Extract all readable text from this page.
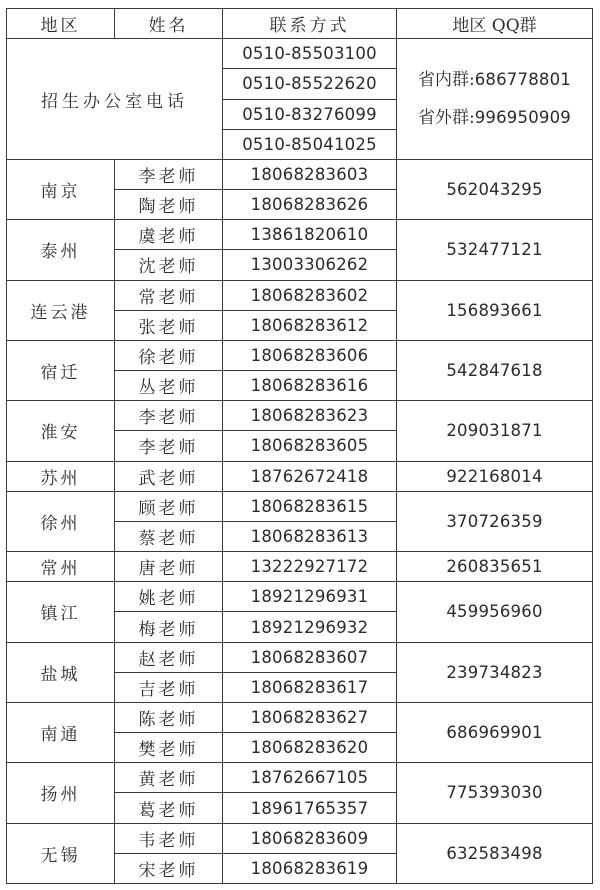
地区	姓名	联系方式	地区 QQ群
招生办公室电话		0510-85503100	省内群:686778801
省外群:996950909

		0510-85522620	
		0510-83276099	
		0510-85041025	
南京	李老师	18068283603	562043295
	陶老师	18068283626	
泰州	虞老师	13861820610	532477121
	沈老师	13003306262	
连云港	常老师	18068283602	156893661
	张老师	18068283612	
宿迁	徐老师	18068283606	542847618
	丛老师	18068283616	
淮安	李老师	18068283623	209031871
	李老师	18068283605	
苏州	武老师	18762672418	922168014
徐州	顾老师	18068283615	370726359
	蔡老师	18068283613	
常州	唐老师	13222927172	260835651
镇江	姚老师	18921296931	459956960
	梅老师	18921296932	
盐城	赵老师	18068283607	239734823
	吉老师	18068283617	
南通	陈老师	18068283627	686969901
	樊老师	18068283620	
扬州	黄老师	18762667105	775393030
	葛老师	18961765357	
无锡	韦老师	18068283609	632583498
	宋老师	18068283619	
